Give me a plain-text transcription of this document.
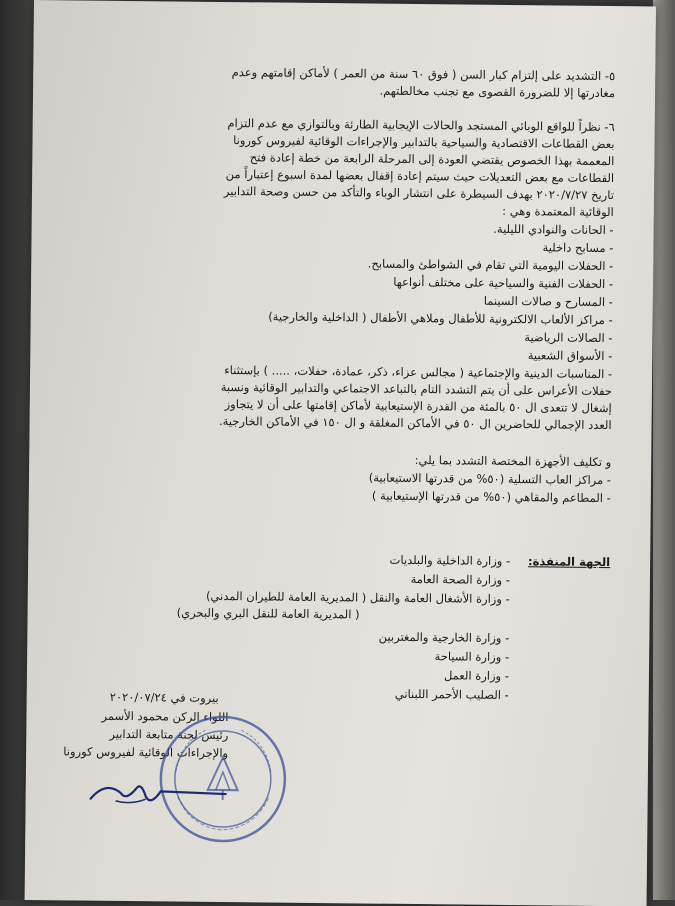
٥- التشديد على إلتزام كبار السن ( فوق ٦٠ سنة من العمر ) لأماكن إقامتهم وعدم
مغادرتها إلا للضرورة القصوى مع تجنب مخالطتهم.
٦- نظراً للواقع الوبائي المستجد والحالات الإيجابية الطارئة وبالتوازي مع عدم التزام
بعض القطاعات الاقتصادية والسياحية بالتدابير والإجراءات الوقائية لفيروس كورونا
المعممة بهذا الخصوص يقتضي العودة إلى المرحلة الرابعة من خطة إعادة فتح
القطاعات مع بعض التعديلات حيث سيتم إعادة إقفال بعضها لمدة اسبوع إعتباراً من
تاريخ ٢٠٢٠/٧/٢٧ بهدف السيطرة على انتشار الوباء والتأكد من حسن وصحة التدابير
الوقائية المعتمدة وهي :
- الحانات والنوادي الليلية.
- مسابح داخلية
- الحفلات اليومية التي تقام في الشواطئ والمسابح.
- الحفلات الفنية والسياحية على مختلف أنواعها
- المسارح و صالات السينما
- مراكز الألعاب الالكترونية للأطفال وملاهي الأطفال ( الداخلية والخارجية)
- الصالات الرياضية
- الأسواق الشعبية
- المناسبات الدينية والإجتماعية ( مجالس عزاء، ذكر، عمادة، حفلات، ..... ) بإستثناء
حفلات الأعراس على أن يتم التشدد التام بالتباعد الاجتماعي والتدابير الوقائية ونسبة
إشغال لا تتعدى ال ٥٠ بالمئة من القدرة الإستيعابية لأماكن إقامتها على أن لا يتجاوز
العدد الإجمالي للحاضرين ال ٥٠ في الأماكن المغلقة و ال ١٥٠ في الأماكن الخارجية.
و تكليف الأجهزة المختصة التشدد بما يلي:
- مراكز العاب التسلية (٥٠% من قدرتها الاستيعابية)
- المطاعم والمقاهي (٥٠% من قدرتها الإستيعابية )
الجهة المنفذة:
- وزارة الداخلية والبلديات
- وزارة الصحة العامة
- وزارة الأشغال العامة والنقل ( المديرية العامة للطيران المدني)
( المديرية العامة للنقل البري والبحري)
- وزارة الخارجية والمغتربين
- وزارة السياحة
- وزارة العمل
- الصليب الأحمر اللبناني
بيروت في ٢٠٢٠/٠٧/٢٤
اللواء الركن محمود الأسمر
رئيس لجنة متابعة التدابير
والإجراءات الوقائية لفيروس كورونا
